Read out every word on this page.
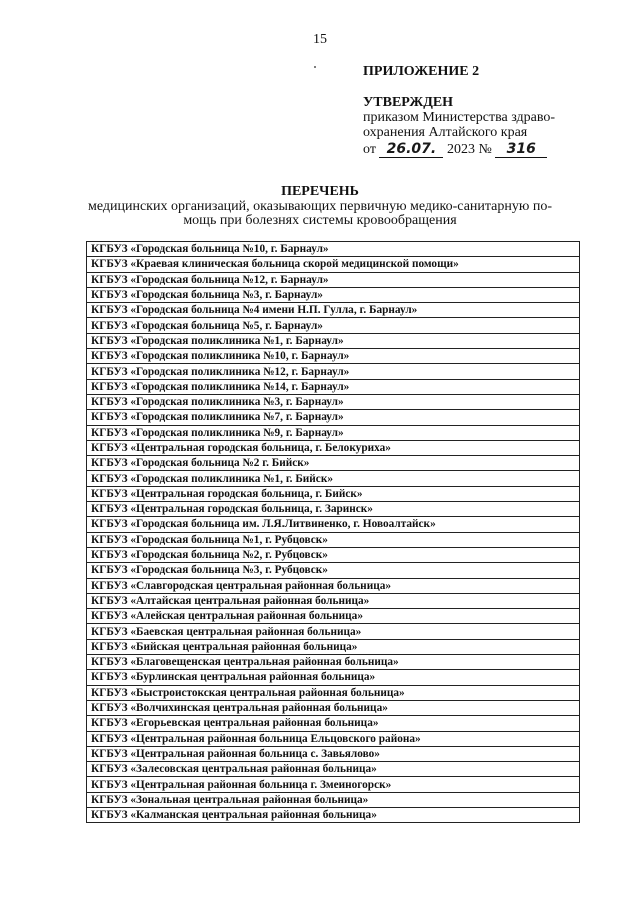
15
ПРИЛОЖЕНИЕ 2
УТВЕРЖДЕН
приказом Министерства здраво-
охранения Алтайского края
от 26.07. 2023 № 316
ПЕРЕЧЕНЬ
медицинских организаций, оказывающих первичную медико-санитарную по-
мощь при болезнях системы кровообращения
КГБУЗ «Городская больница №10, г. Барнаул»
КГБУЗ «Краевая клиническая больница скорой медицинской помощи»
КГБУЗ «Городская больница №12, г. Барнаул»
КГБУЗ «Городская больница №3, г. Барнаул»
КГБУЗ «Городская больница №4 имени Н.П. Гулла, г. Барнаул»
КГБУЗ «Городская больница №5, г. Барнаул»
КГБУЗ «Городская поликлиника №1, г. Барнаул»
КГБУЗ «Городская поликлиника №10, г. Барнаул»
КГБУЗ «Городская поликлиника №12, г. Барнаул»
КГБУЗ «Городская поликлиника №14, г. Барнаул»
КГБУЗ «Городская поликлиника №3, г. Барнаул»
КГБУЗ «Городская поликлиника №7, г. Барнаул»
КГБУЗ «Городская поликлиника №9, г. Барнаул»
КГБУЗ «Центральная городская больница, г. Белокуриха»
КГБУЗ «Городская больница №2 г. Бийск»
КГБУЗ «Городская поликлиника №1, г. Бийск»
КГБУЗ «Центральная городская больница, г. Бийск»
КГБУЗ «Центральная городская больница, г. Заринск»
КГБУЗ «Городская больница им. Л.Я.Литвиненко, г. Новоалтайск»
КГБУЗ «Городская больница №1, г. Рубцовск»
КГБУЗ «Городская больница №2, г. Рубцовск»
КГБУЗ «Городская больница №3, г. Рубцовск»
КГБУЗ «Славгородская центральная районная больница»
КГБУЗ «Алтайская центральная районная больница»
КГБУЗ «Алейская центральная районная больница»
КГБУЗ «Баевская центральная районная больница»
КГБУЗ «Бийская центральная районная больница»
КГБУЗ «Благовещенская центральная районная больница»
КГБУЗ «Бурлинская центральная районная больница»
КГБУЗ «Быстроистокская центральная районная больница»
КГБУЗ «Волчихинская центральная районная больница»
КГБУЗ «Егорьевская центральная районная больница»
КГБУЗ «Центральная районная больница Ельцовского района»
КГБУЗ «Центральная районная больница с. Завьялово»
КГБУЗ «Залесовская центральная районная больница»
КГБУЗ «Центральная районная больница г. Змеиногорск»
КГБУЗ «Зональная центральная районная больница»
КГБУЗ «Калманская центральная районная больница»
